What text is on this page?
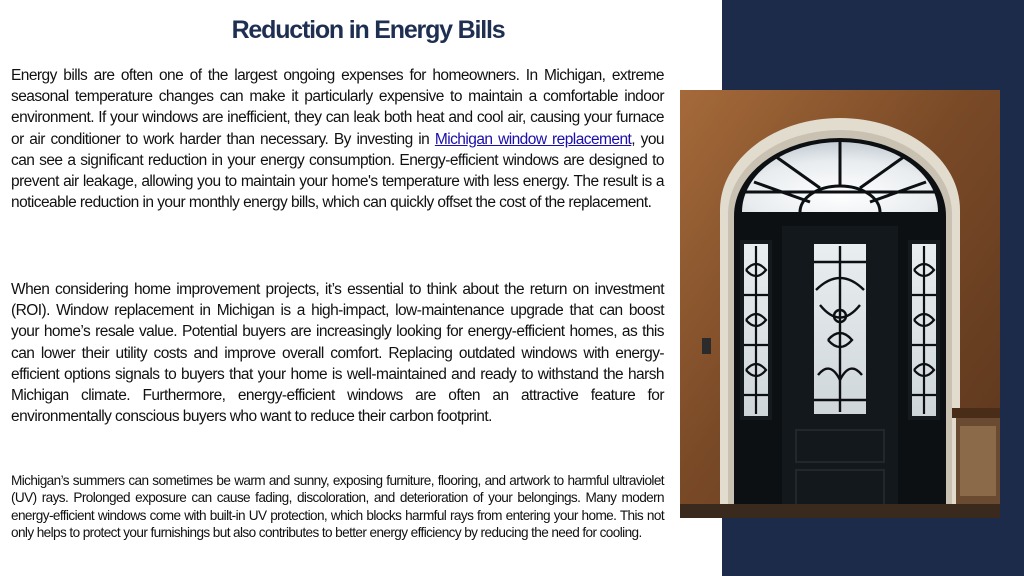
Reduction in Energy Bills

Energy bills are often one of the largest ongoing expenses for homeowners. In Michigan, extreme seasonal temperature changes can make it particularly expensive to maintain a comfortable indoor environment. If your windows are inefficient, they can leak both heat and cool air, causing your furnace or air conditioner to work harder than necessary. By investing in Michigan window replacement, you can see a significant reduction in your energy consumption. Energy-efficient windows are designed to prevent air leakage, allowing you to maintain your home's temperature with less energy. The result is a noticeable reduction in your monthly energy bills, which can quickly offset the cost of the replacement.

When considering home improvement projects, it’s essential to think about the return on investment (ROI). Window replacement in Michigan is a high-impact, low-maintenance upgrade that can boost your home’s resale value. Potential buyers are increasingly looking for energy-efficient homes, as this can lower their utility costs and improve overall comfort. Replacing outdated windows with energy-efficient options signals to buyers that your home is well-maintained and ready to withstand the harsh Michigan climate. Furthermore, energy-efficient windows are often an attractive feature for environmentally conscious buyers who want to reduce their carbon footprint.

Michigan’s summers can sometimes be warm and sunny, exposing furniture, flooring, and artwork to harmful ultraviolet (UV) rays. Prolonged exposure can cause fading, discoloration, and deterioration of your belongings. Many modern energy-efficient windows come with built-in UV protection, which blocks harmful rays from entering your home. This not only helps to protect your furnishings but also contributes to better energy efficiency by reducing the need for cooling.
